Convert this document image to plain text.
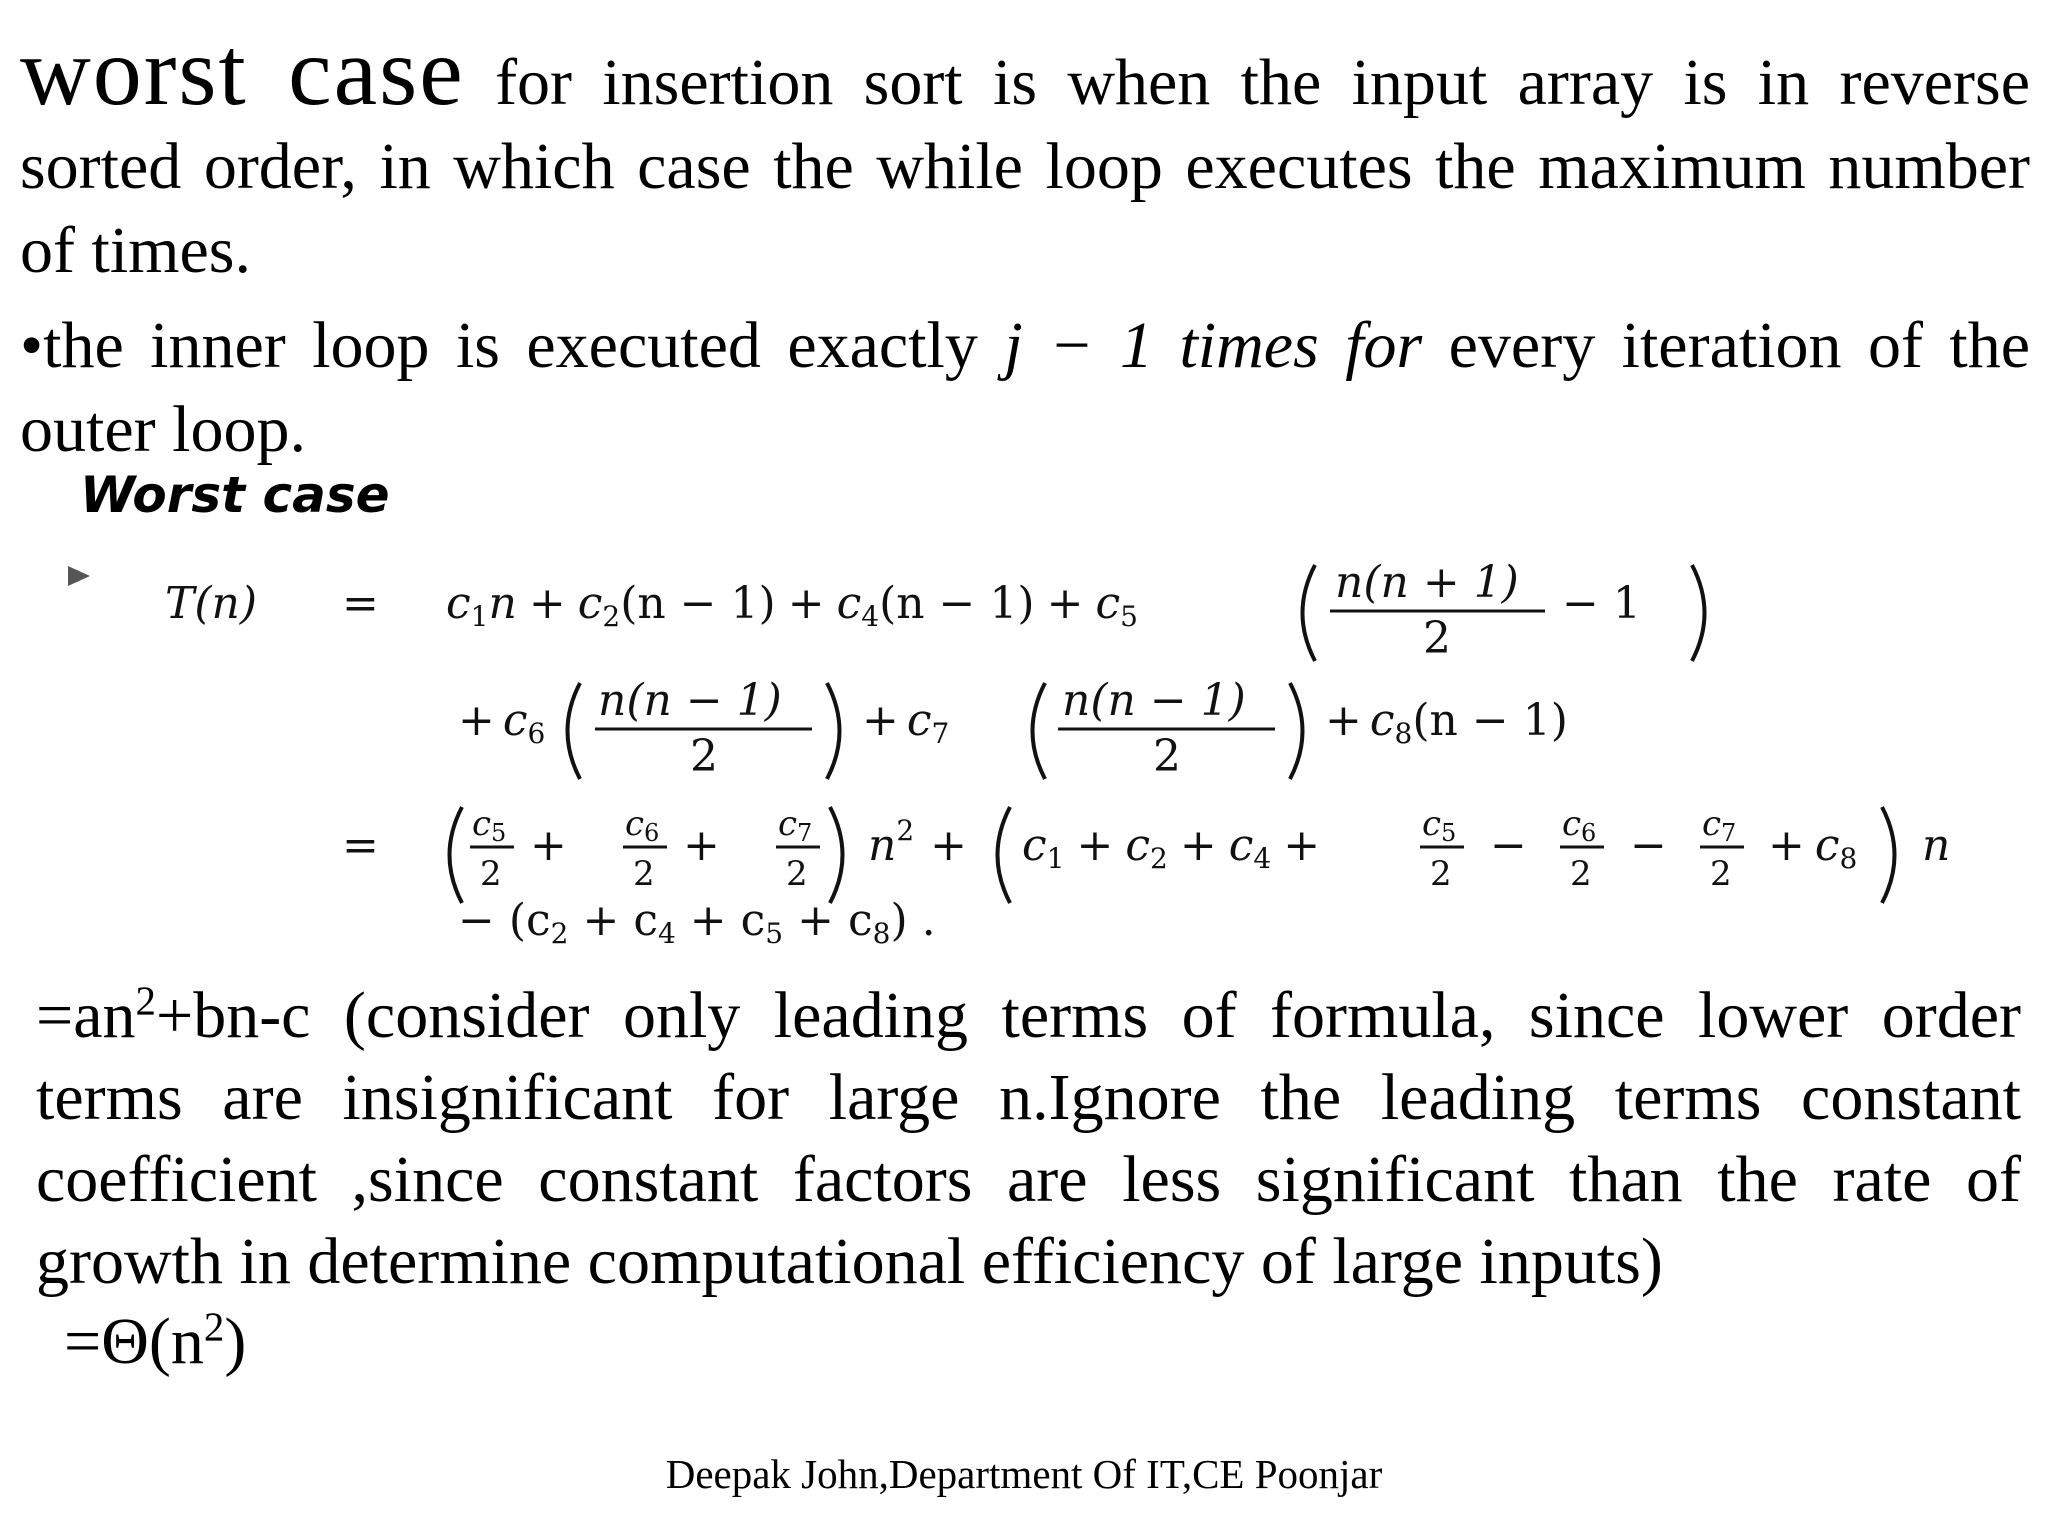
worst case for insertion sort is when the input array is in reverse sorted order, in which case the while loop executes the maximum number of times.

•the inner loop is executed exactly j − 1 times for every iteration of the outer loop.

Worst case

T(n) = c1n + c2(n − 1) + c4(n − 1) + c5
n(n + 1)
2
− 1
+ c6
n(n − 1)
2
+ c7
n(n − 1)
2
+ c8(n − 1)
=	c5
2
+ c6
2
+ c7
2
$n^2 + c1 + c2 + c4$ +	c5
2
− c6
2
− c7
2
+ c8 n
− (c2 + c4 + c5 + c8) .

$=an^2+bn-c$ (consider only leading terms of formula, since lower order terms are insignificant for large n.Ignore the leading terms constant coefficient ,since constant factors are less significant than the rate of growth in determine computational efficiency of large inputs)

$=\Theta(n^2)$

Deepak John,Department Of IT,CE Poonjar
